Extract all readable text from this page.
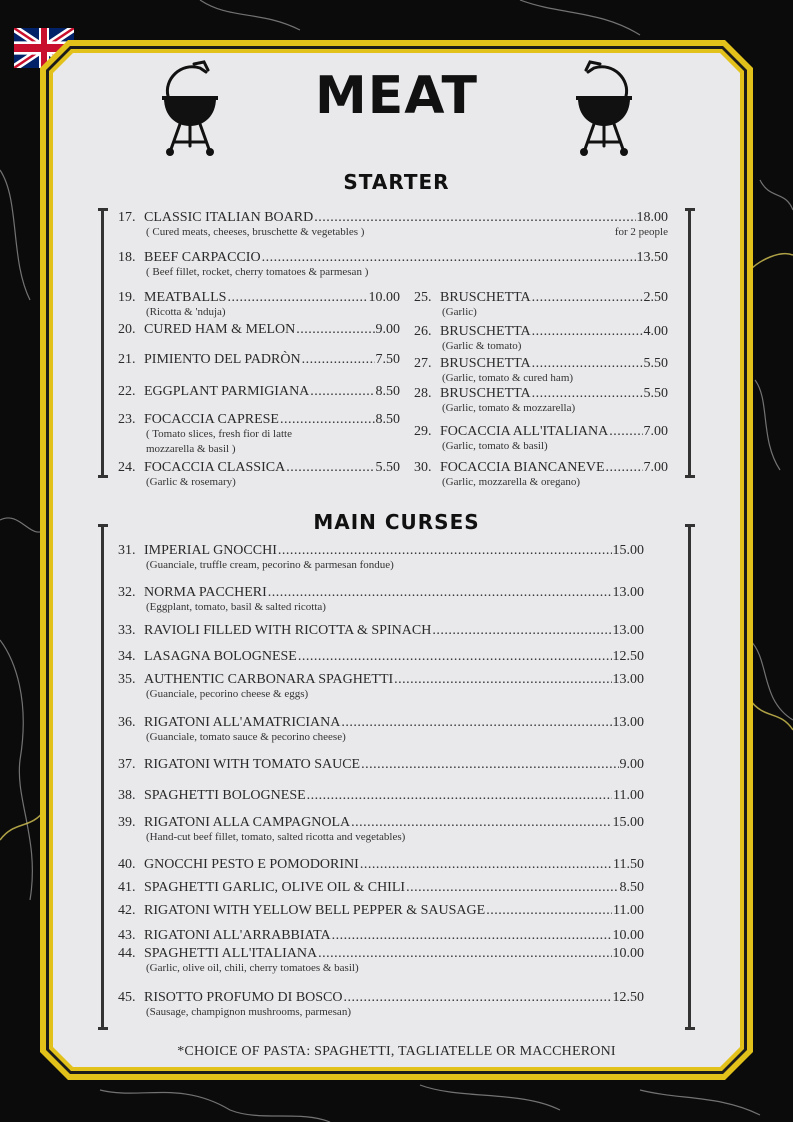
MEAT
STARTER
17. CLASSIC ITALIAN BOARD .....	18.00
( Cured meats, cheeses, bruschette & vegetables )	for 2 people
18. BEEF CARPACCIO .....	13.50
( Beef fillet, rocket, cherry tomatoes & parmesan )
19. MEATBALLS .....	10.00
(Ricotta & 'nduja)
20. CURED HAM & MELON .....	9.00
21. PIMIENTO DEL PADRÒN .....	7.50
22. EGGPLANT PARMIGIANA .....	8.50
23. FOCACCIA CAPRESE .....	8.50
( Tomato slices, fresh fior di latte
mozzarella & basil )
24. FOCACCIA CLASSICA .....	5.50
(Garlic & rosemary)
25. BRUSCHETTA .....	2.50
(Garlic)
26. BRUSCHETTA .....	4.00
(Garlic & tomato)
27. BRUSCHETTA .....	5.50
(Garlic, tomato & cured ham)
28. BRUSCHETTA .....	5.50
(Garlic, tomato & mozzarella)
29. FOCACCIA ALL'ITALIANA .....	7.00
(Garlic, tomato & basil)
30. FOCACCIA BIANCANEVE .....	7.00
(Garlic, mozzarella & oregano)
MAIN CURSES
31. IMPERIAL GNOCCHI .....	15.00
(Guanciale, truffle cream, pecorino & parmesan fondue)
32. NORMA PACCHERI .....	13.00
(Eggplant, tomato, basil & salted ricotta)
33. RAVIOLI FILLED WITH RICOTTA & SPINACH .....	13.00
34. LASAGNA BOLOGNESE .....	12.50
35. AUTHENTIC CARBONARA SPAGHETTI .....	13.00
(Guanciale, pecorino cheese & eggs)
36. RIGATONI ALL'AMATRICIANA .....	13.00
(Guanciale, tomato sauce & pecorino cheese)
37. RIGATONI WITH TOMATO SAUCE .....	9.00
38. SPAGHETTI BOLOGNESE .....	11.00
39. RIGATONI ALLA CAMPAGNOLA .....	15.00
(Hand-cut beef fillet, tomato, salted ricotta and vegetables)
40. GNOCCHI PESTO E POMODORINI .....	11.50
41. SPAGHETTI GARLIC, OLIVE OIL & CHILI .....	8.50
42. RIGATONI WITH YELLOW BELL PEPPER & SAUSAGE .....	11.00
43. RIGATONI ALL'ARRABBIATA .....	10.00
44. SPAGHETTI ALL'ITALIANA .....	10.00
(Garlic, olive oil, chili, cherry tomatoes & basil)
45. RISOTTO PROFUMO DI BOSCO .....	12.50
(Sausage, champignon mushrooms, parmesan)
*CHOICE OF PASTA: SPAGHETTI, TAGLIATELLE OR MACCHERONI
